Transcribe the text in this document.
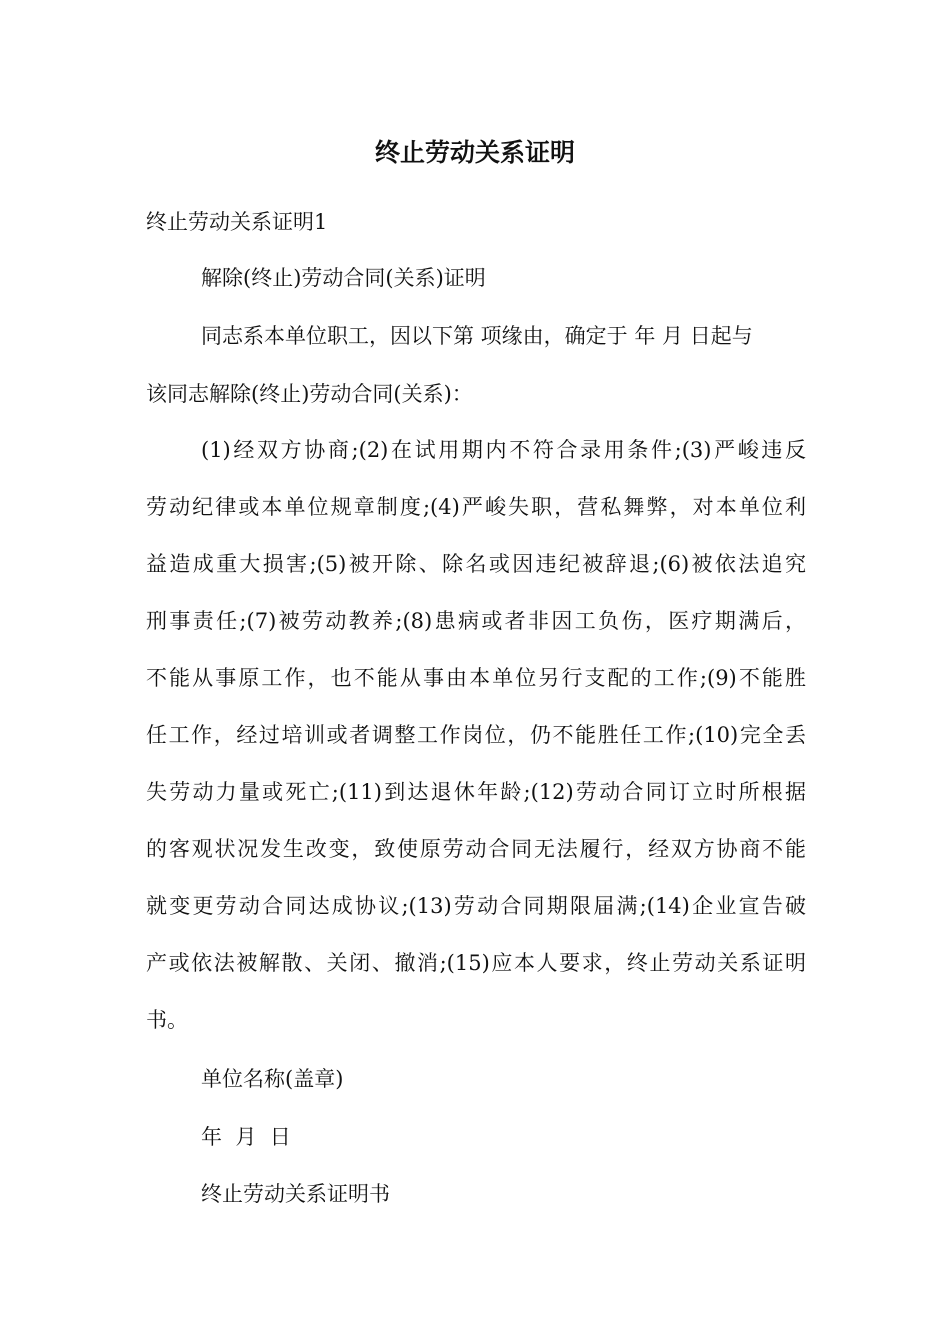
终止劳动关系证明

终止劳动关系证明1

解除(终止)劳动合同(关系)证明

同志系本单位职工，因以下第 项缘由，确定于 年 月 日起与

该同志解除(终止)劳动合同(关系)：

(1)经双方协商;(2)在试用期内不符合录用条件;(3)严峻违反

劳动纪律或本单位规章制度;(4)严峻失职，营私舞弊，对本单位利

益造成重大损害;(5)被开除、除名或因违纪被辞退;(6)被依法追究

刑事责任;(7)被劳动教养;(8)患病或者非因工负伤，医疗期满后，

不能从事原工作，也不能从事由本单位另行支配的工作;(9)不能胜

任工作，经过培训或者调整工作岗位，仍不能胜任工作;(10)完全丢

失劳动力量或死亡;(11)到达退休年龄;(12)劳动合同订立时所根据

的客观状况发生改变，致使原劳动合同无法履行，经双方协商不能

就变更劳动合同达成协议;(13)劳动合同期限届满;(14)企业宣告破

产或依法被解散、关闭、撤消;(15)应本人要求，终止劳动关系证明

书。

单位名称(盖章)

年  月  日

终止劳动关系证明书
